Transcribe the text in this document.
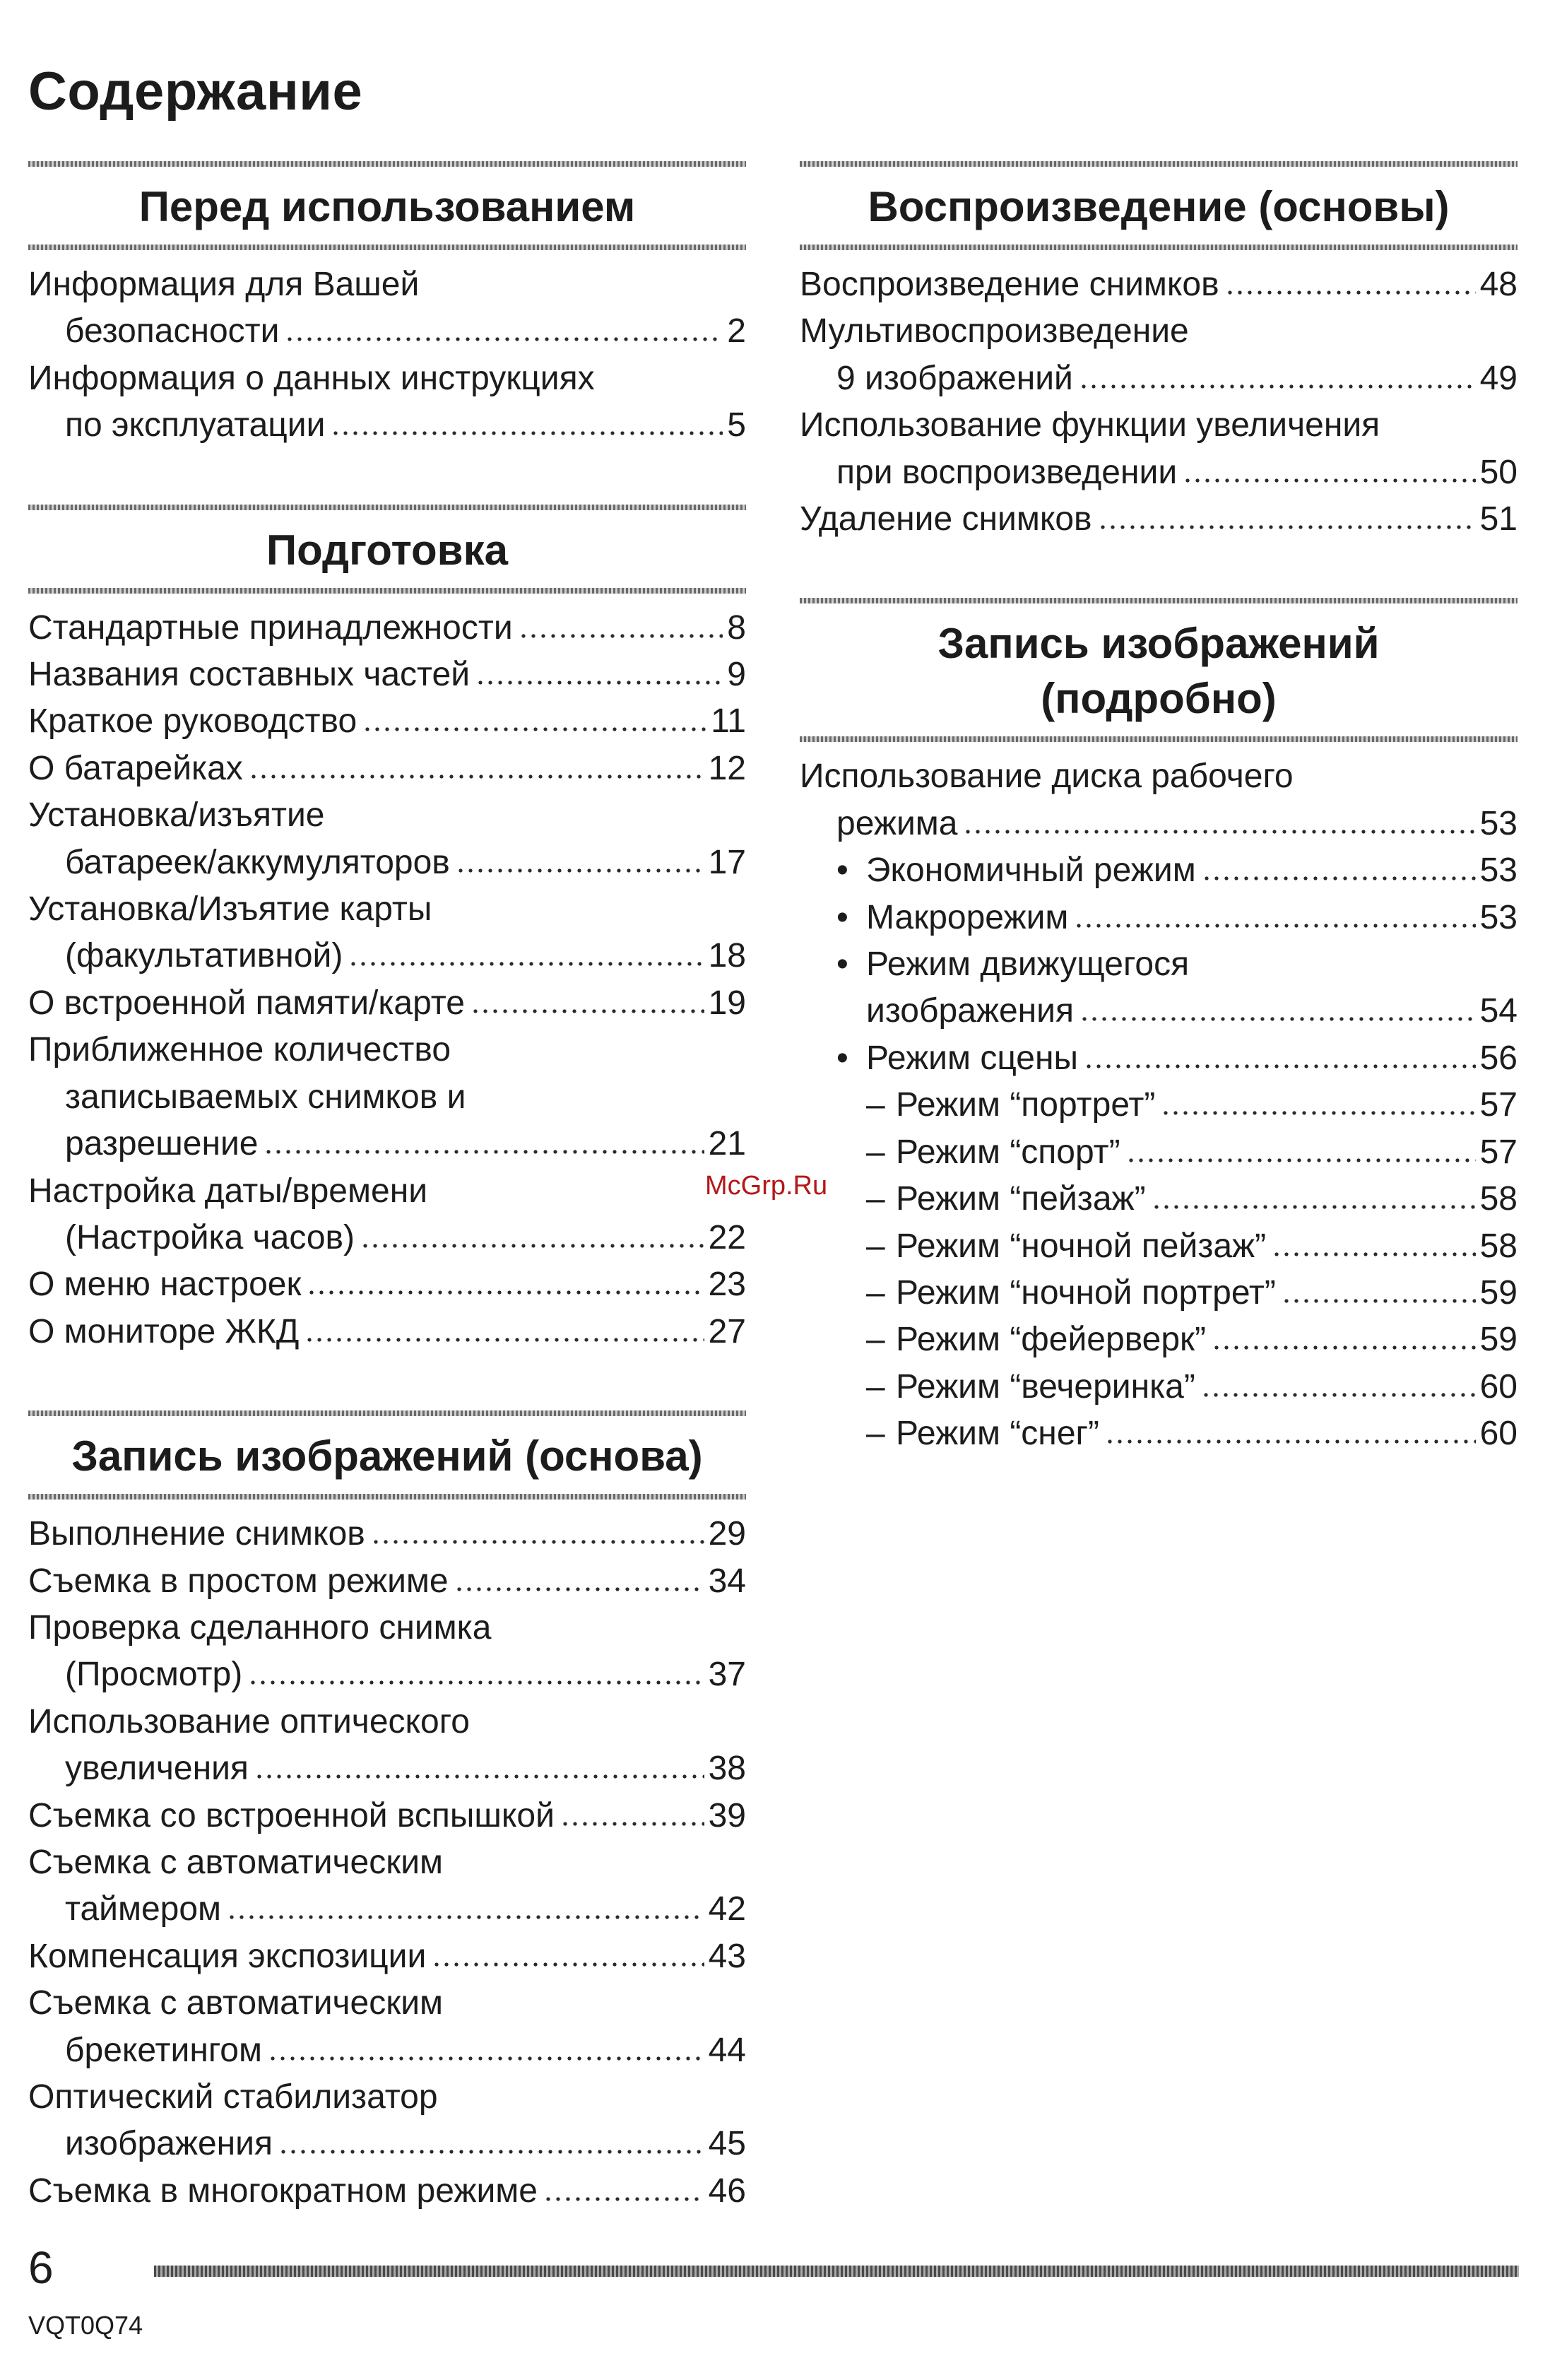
Содержание
Перед использованием
Информация для Вашей
безопасности	2
Информация о данных инструкциях
по эксплуатации	5
Подготовка
Стандартные принадлежности	8
Названия составных частей	9
Краткое руководство	11
О батарейках	12
Установка/изъятие
батареек/аккумуляторов	17
Установка/Изъятие карты
(факультативной)	18
О встроенной памяти/карте	19
Приближенное количество
записываемых снимков и
разрешение	21
Настройка даты/времени
(Настройка часов)	22
О меню настроек	23
О мониторе ЖКД	27
Запись изображений (основа)
Выполнение снимков	29
Съемка в простом режиме	34
Проверка сделанного снимка
(Просмотр)	37
Использование оптического
увеличения	38
Съемка со встроенной вспышкой	39
Съемка с автоматическим
таймером	42
Компенсация экспозиции	43
Съемка с автоматическим
брекетингом	44
Оптический стабилизатор
изображения	45
Съемка в многократном режиме	46
Воспроизведение (основы)
Воспроизведение снимков	48
Мультивоспроизведение
9 изображений	49
Использование функции увеличения
при воспроизведении	50
Удаление снимков	51
Запись изображений
(подробно)
Использование диска рабочего
режима	53
• Экономичный режим	53
• Макрорежим	53
• Режим движущегося
изображения	54
• Режим сцены	56
– Режим “портрет”	57
– Режим “спорт”	57
– Режим “пейзаж”	58
– Режим “ночной пейзаж”	58
– Режим “ночной портрет”	59
– Режим “фейерверк”	59
– Режим “вечеринка”	60
– Режим “снег”	60
McGrp.Ru
6
VQT0Q74
